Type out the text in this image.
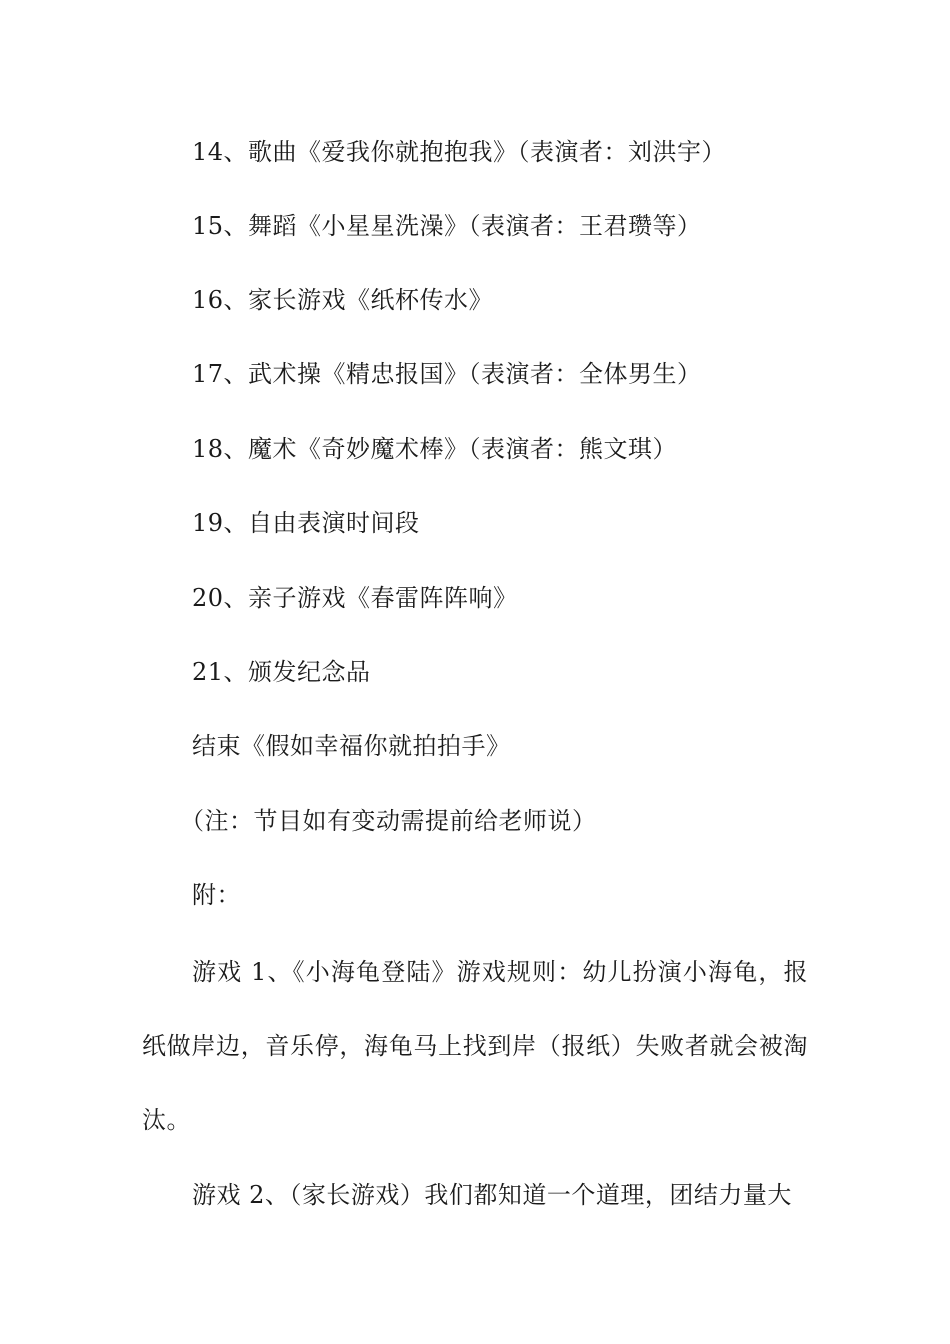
14、歌曲《爱我你就抱抱我》（表演者：刘洪宇）
15、舞蹈《小星星洗澡》（表演者：王君瓒等）
16、家长游戏《纸杯传水》
17、武术操《精忠报国》（表演者：全体男生）
18、魔术《奇妙魔术棒》（表演者：熊文琪）
19、自由表演时间段
20、亲子游戏《春雷阵阵响》
21、颁发纪念品
结束《假如幸福你就拍拍手》
（注：节目如有变动需提前给老师说）
附：
游戏 1、《小海龟登陆》游戏规则：幼儿扮演小海龟，报纸做岸边，音乐停，海龟马上找到岸（报纸）失败者就会被淘汰。
游戏 2、（家长游戏）我们都知道一个道理，团结力量大
